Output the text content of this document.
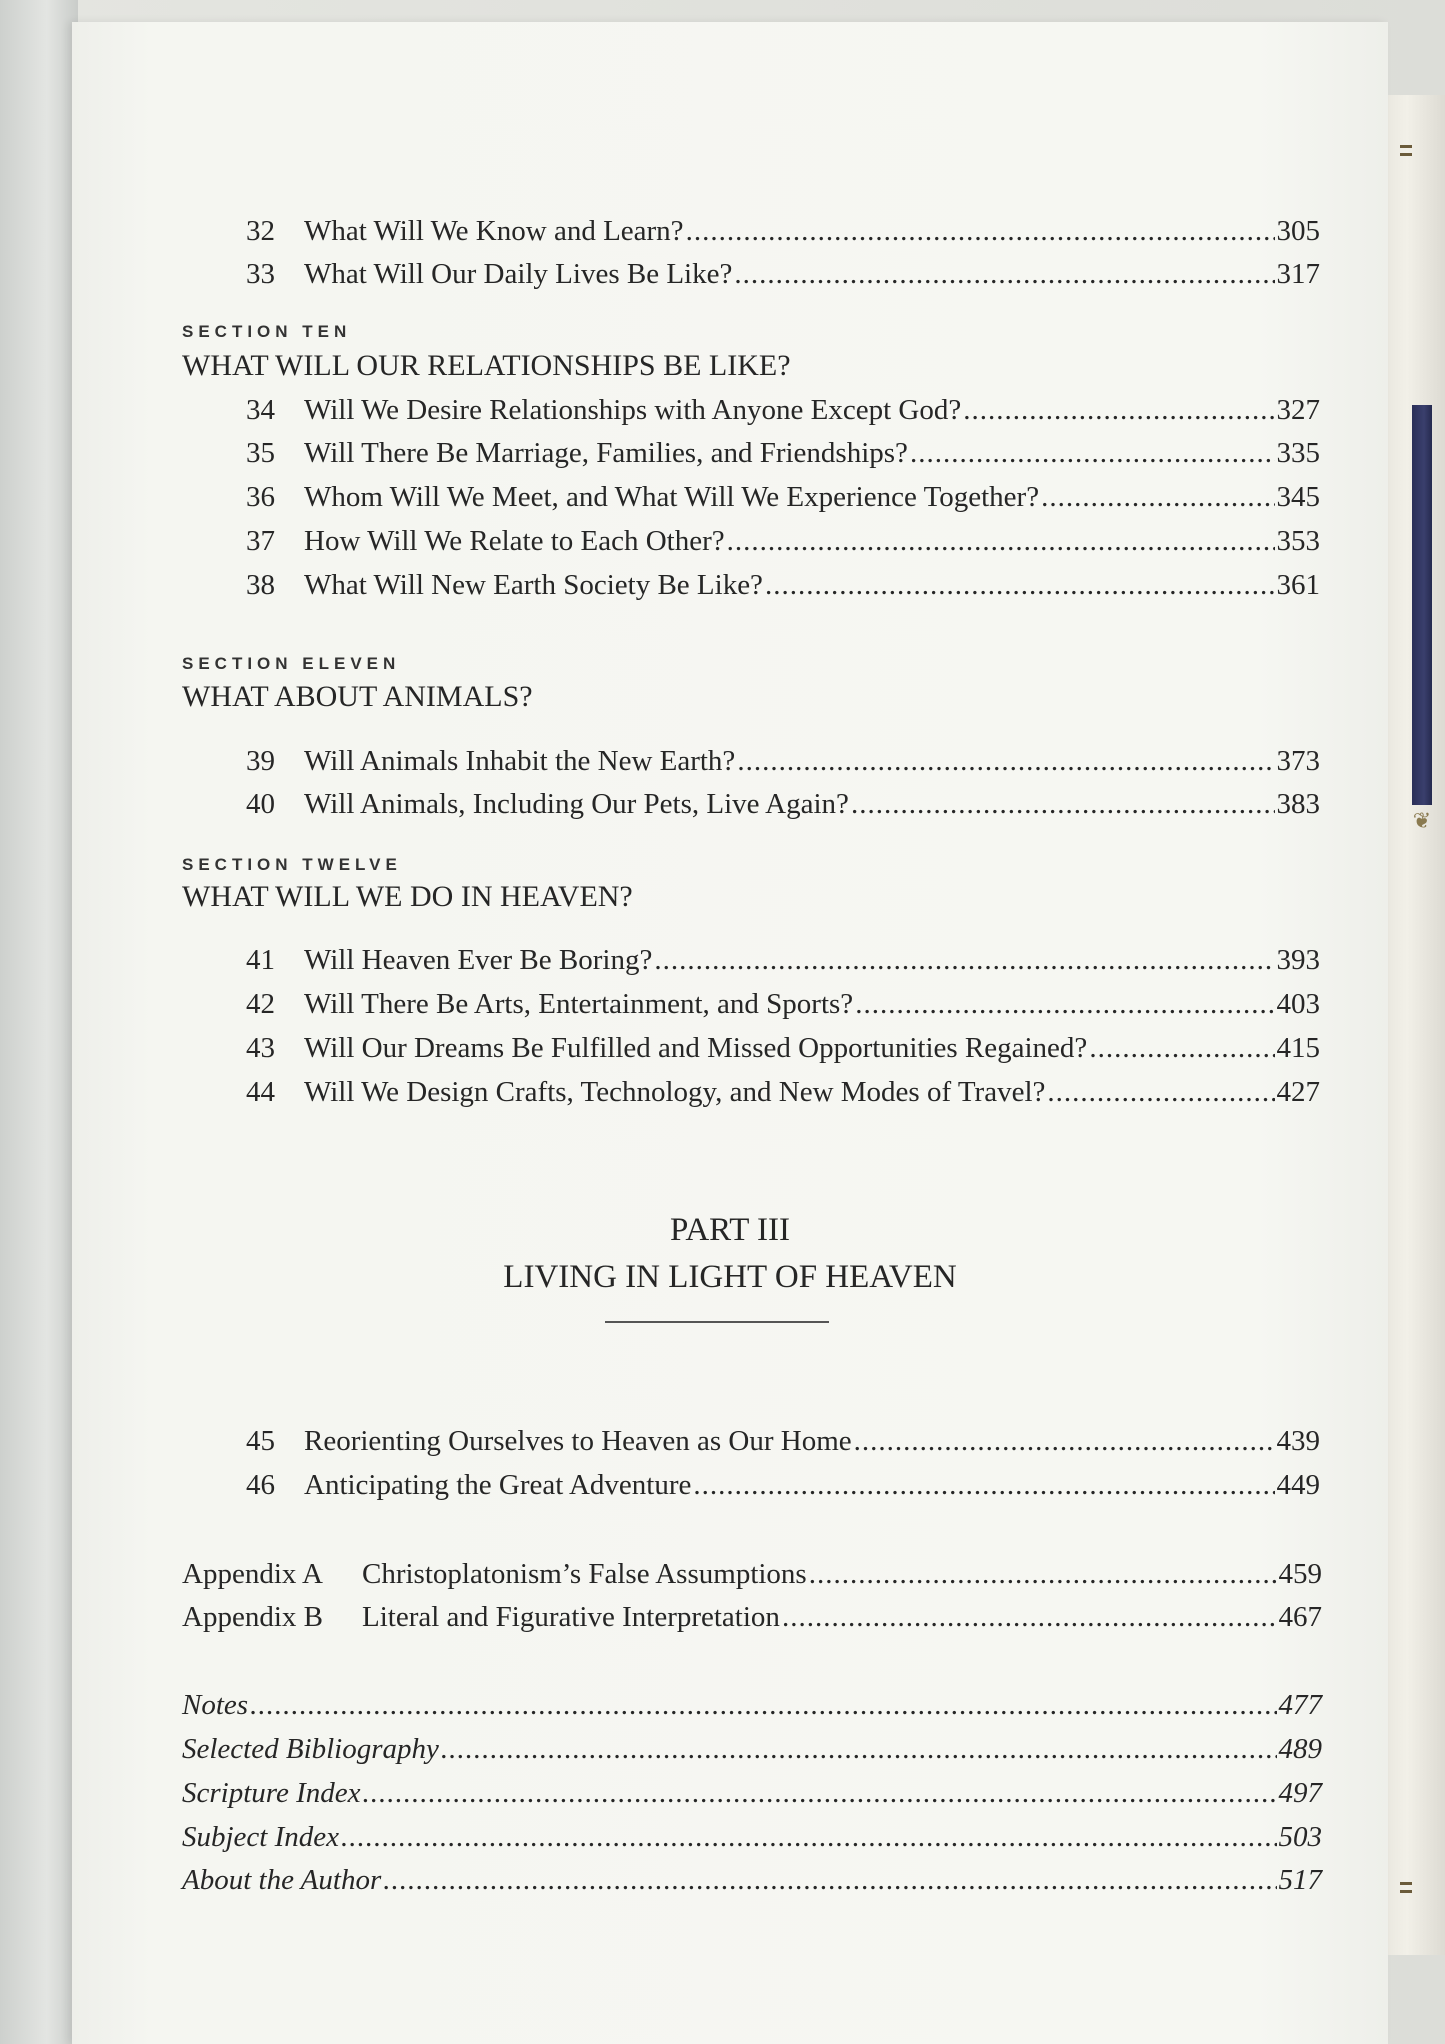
❦
32	What Will We Know and Learn? .....	305
33	What Will Our Daily Lives Be Like? .....	317
SECTION TEN
WHAT WILL OUR RELATIONSHIPS BE LIKE?
34	Will We Desire Relationships with Anyone Except God? .....	327
35	Will There Be Marriage, Families, and Friendships? .....	335
36	Whom Will We Meet, and What Will We Experience Together? .....	345
37	How Will We Relate to Each Other? .....	353
38	What Will New Earth Society Be Like? .....	361
SECTION ELEVEN
WHAT ABOUT ANIMALS?
39	Will Animals Inhabit the New Earth? .....	373
40	Will Animals, Including Our Pets, Live Again? .....	383
SECTION TWELVE
WHAT WILL WE DO IN HEAVEN?
41	Will Heaven Ever Be Boring? .....	393
42	Will There Be Arts, Entertainment, and Sports? .....	403
43	Will Our Dreams Be Fulfilled and Missed Opportunities Regained? .....	415
44	Will We Design Crafts, Technology, and New Modes of Travel? .....	427
PART III
LIVING IN LIGHT OF HEAVEN
45	Reorienting Ourselves to Heaven as Our Home .....	439
46	Anticipating the Great Adventure .....	449
Appendix A	Christoplatonism’s False Assumptions .....	459
Appendix B	Literal and Figurative Interpretation .....	467
Notes .....	477
Selected Bibliography .....	489
Scripture Index .....	497
Subject Index .....	503
About the Author .....	517
